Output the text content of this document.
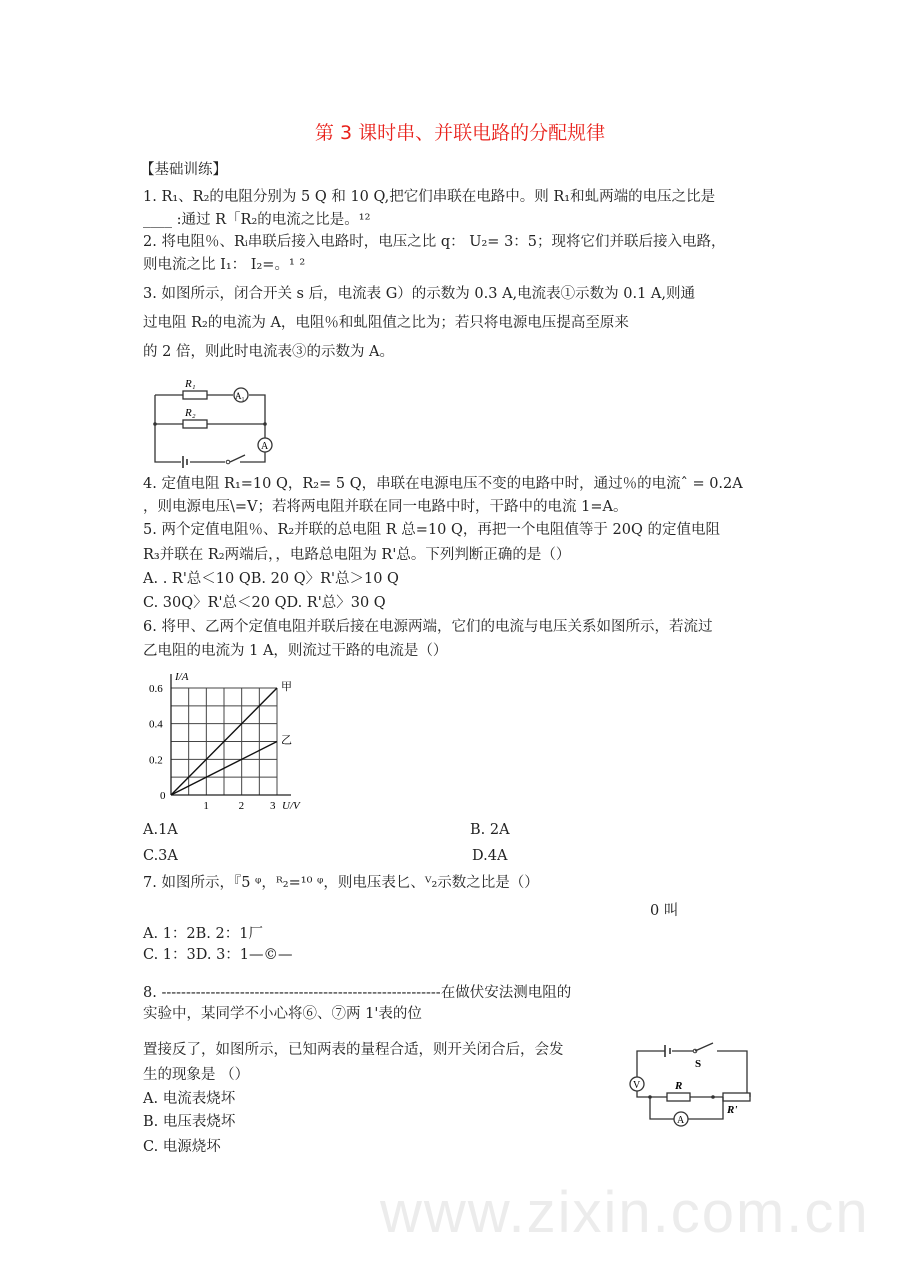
www.zixin.com.cn
第 3 课时串、并联电路的分配规律
【基础训练】
1. R₁、R₂的电阻分别为 5 Q 和 10 Q,把它们串联在电路中。则 R₁和虬两端的电压之比是
____ :通过 R「R₂的电流之比是。¹²
2. 将电阻％、Rᵢ串联后接入电路时，电压之比 q： U₂= 3：5；现将它们并联后接入电路，
则电流之比 I₁： I₂=。¹ ²
3. 如图所示，闭合开关 s 后，电流表 G）的示数为 0.3 A,电流表①示数为 0.1 A,则通
过电阻 R₂的电流为 A，电阻％和虬阻值之比为；若只将电源电压提高至原来
的 2 倍，则此时电流表③的示数为 A。
R₁
R₂
A₁
A
4. 定值电阻 R₁=10 Q，R₂= 5 Q，串联在电源电压不变的电路中时，通过％的电流ˆ = 0.2A
，则电源电压\=V；若将两电阻并联在同一电路中时，干路中的电流 1=A。
5. 两个定值电阻％、R₂并联的总电阻 R 总=10 Q，再把一个电阻值等于 20Q 的定值电阻
R₃并联在 R₂两端后，，电路总电阻为 R'总。下列判断正确的是（）
A. . R'总＜10 QB. 20 Q〉R'总＞10 Q
C. 30Q〉R'总＜20 QD. R'总〉30 Q
6. 将甲、乙两个定值电阻并联后接在电源两端，它们的电流与电压关系如图所示，若流过
乙电阻的电流为 1 A，则流过干路的电流是（）
甲
乙
1	2 3
0.2
0.4
0.6
0
U/V
I/A
A.1A	B. 2A
C.3A	D.4A
7. 如图所示，『5 ᵠ，ᴿ₂=¹⁰ ᵠ，则电压表匕、ⱽ₂示数之比是（）
0 叫
A. 1：2B. 2：1厂
C. 1：3D. 3：1—©—
8. ---------------------------------------------------------在做伏安法测电阻的
实验中，某同学不小心将⑥、⑦两 1'表的位
置接反了，如图所示，已知两表的量程合适，则开关闭合后，会发
生的现象是 （）
A. 电流表烧坏
B. 电压表烧坏
C. 电源烧坏
S
V	R
R'
A
